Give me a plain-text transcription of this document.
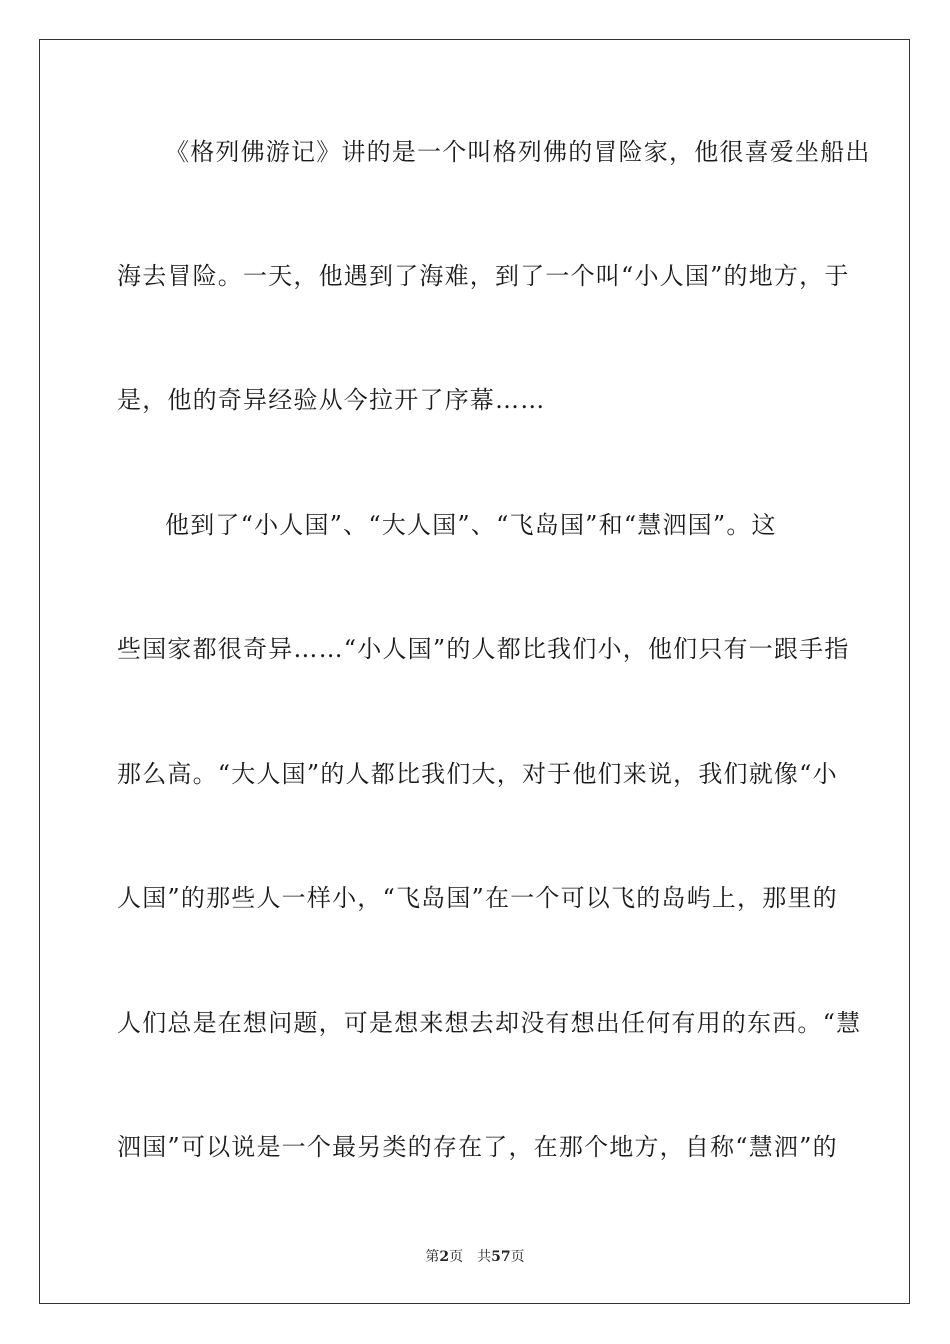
《格列佛游记》讲的是一个叫格列佛的冒险家，他很喜爱坐船出
海去冒险。一天，他遇到了海难，到了一个叫“小人国”的地方，于
是，他的奇异经验从今拉开了序幕……
他到了“小人国”、“大人国”、“飞岛国”和“慧泗国”。这
些国家都很奇异……“小人国”的人都比我们小，他们只有一跟手指
那么高。“大人国”的人都比我们大，对于他们来说，我们就像“小
人国”的那些人一样小，“飞岛国”在一个可以飞的岛屿上，那里的
人们总是在想问题，可是想来想去却没有想出任何有用的东西。“慧
泗国”可以说是一个最另类的存在了，在那个地方，自称“慧泗”的
第2页 共57页
